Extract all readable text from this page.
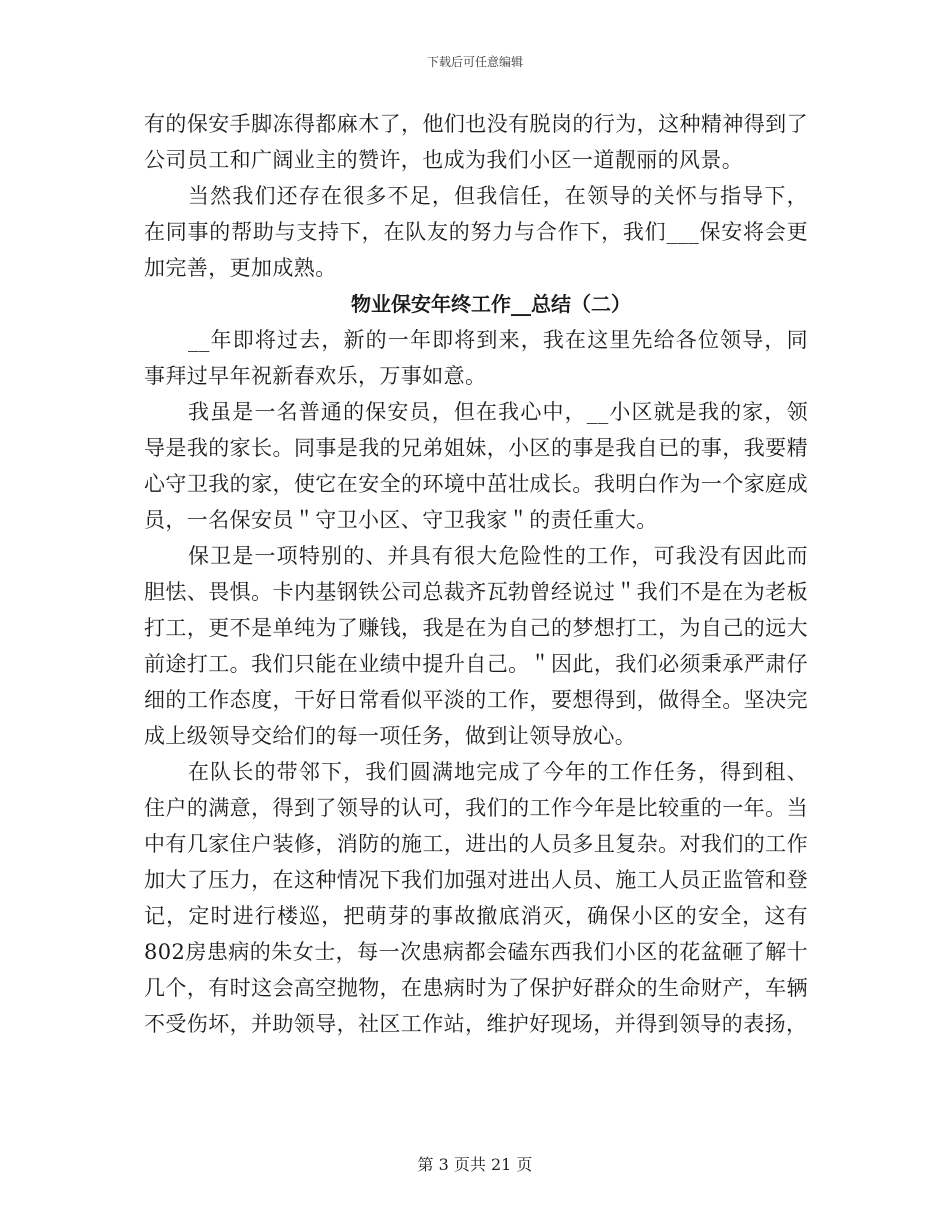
下载后可任意编辑

有的保安手脚冻得都麻木了，他们也没有脱岗的行为，这种精神得到了公司员工和广阔业主的赞许，也成为我们小区一道靓丽的风景。

当然我们还存在很多不足，但我信任，在领导的关怀与指导下，在同事的帮助与支持下，在队友的努力与合作下，我们___保安将会更加完善，更加成熟。

物业保安年终工作__总结（二）

__年即将过去，新的一年即将到来，我在这里先给各位领导，同事拜过早年祝新春欢乐，万事如意。

我虽是一名普通的保安员，但在我心中，__小区就是我的家，领导是我的家长。同事是我的兄弟姐妹，小区的事是我自已的事，我要精心守卫我的家，使它在安全的环境中茁壮成长。我明白作为一个家庭成员，一名保安员＂守卫小区、守卫我家＂的责任重大。

保卫是一项特别的、并具有很大危险性的工作，可我没有因此而胆怯、畏惧。卡内基钢铁公司总裁齐瓦勃曾经说过＂我们不是在为老板打工，更不是单纯为了赚钱，我是在为自己的梦想打工，为自己的远大前途打工。我们只能在业绩中提升自己。＂因此，我们必须秉承严肃仔细的工作态度，干好日常看似平淡的工作，要想得到，做得全。坚决完成上级领导交给们的每一项任务，做到让领导放心。

在队长的带邻下，我们圆满地完成了今年的工作任务，得到租、住户的满意，得到了领导的认可，我们的工作今年是比较重的一年。当中有几家住户装修，消防的施工，进出的人员多且复杂。对我们的工作加大了压力，在这种情况下我们加强对进出人员、施工人员正监管和登记，定时进行楼巡，把萌芽的事故撤底消灭，确保小区的安全，这有802房患病的朱女士，每一次患病都会磕东西我们小区的花盆砸了解十几个，有时这会高空抛物，在患病时为了保护好群众的生命财产，车辆不受伤坏，并助领导，社区工作站，维护好现场，并得到领导的表扬，

第 3 页共 21 页
